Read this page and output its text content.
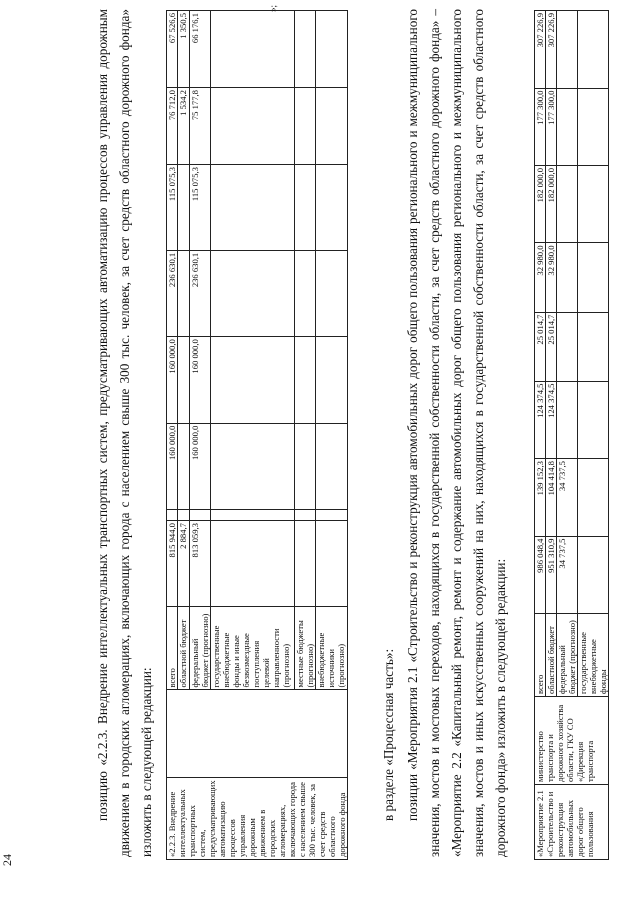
24

позицию «2.2.3. Внедрение интеллектуальных транспортных систем, предусматривающих автоматизацию процессов управления дорожным движением в городских агломерациях, включающих города с населением свыше 300 тыс. человек, за счет средств областного дорожного фонда» изложить в следующей редакции:	«2.2.3. Внедрение интеллектуальных транспортных систем, предусматривающих автоматизацию процессов управления дорожным движением в городских агломерациях, включающих города с населением свыше 300 тыс. человек, за счет средств областного дорожного фонда		всего	815 944,0		160 000,0	160 000,0	236 630,1	115 075,3	76 712,0	67 526,6
		областной бюджет	2 884,7						1 534,2	1 350,5
		федеральный бюджет (прогнозно)	813 059,3		160 000,0	160 000,0	236 630,1	115 075,3	75 177,8	66 176,1
		государственные внебюджетные фонды и иные безвозмездные поступления целевой направленности (прогнозно)								
		местные бюджеты (прогнозно)								
		внебюджетные источники (прогнозно)								
»;

в разделе «Процессная часть»: позиции «Мероприятия 2.1 «Строительство и реконструкция автомобильных дорог общего пользования регионального и межмуниципального значения, мостов и мостовых переходов, находящихся в государственной собственности области, за счет средств областного дорожного фонда» – «Мероприятие 2.2 «Капитальный ремонт, ремонт и содержание автомобильных дорог общего пользования регионального и межмуниципального значения, мостов и иных искусственных сооружений на них, находящихся в государственной собственности области, за счет средств областного дорожного фонда» изложить в следующей редакции:	«Мероприятие 2.1 «Строительство и реконструкция автомобильных дорог общего пользования	министерство транспорта и дорожного хозяйства области, ГКУ СО «Дирекция транспорта	всего	986 048,4	139 152,3	124 374,5	25 014,7	32 980,0	182 000,0	177 300,0	307 226,9
		областной бюджет	951 310,9	104 414,8	124 374,5	25 014,7	32 980,0	182 000,0	177 300,0	307 226,9
		федеральный бюджет (прогнозно)	34 737,5	34 737,5						
		государственные внебюджетные фонды								
